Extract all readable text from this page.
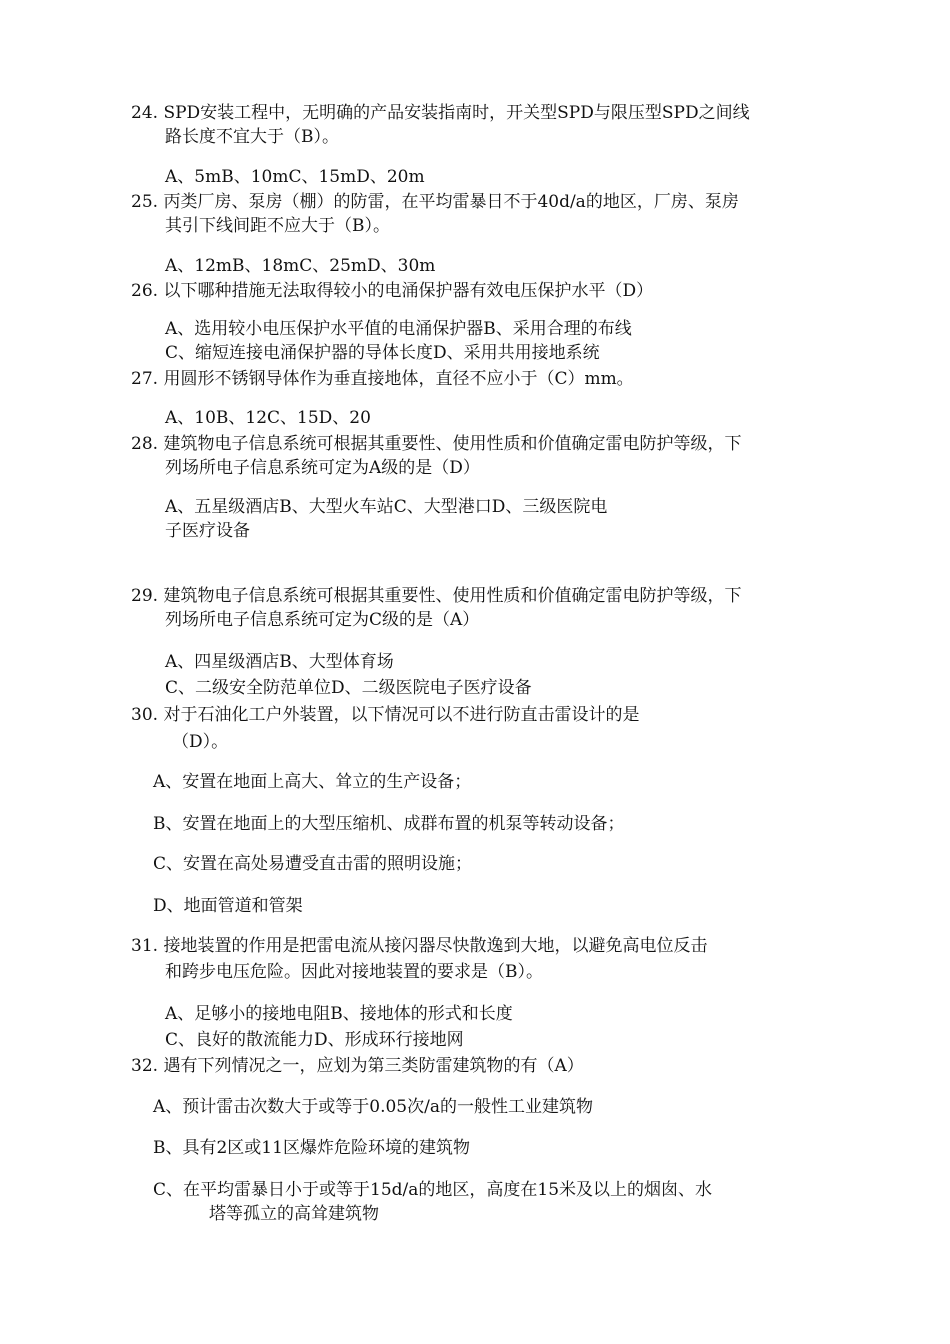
24. SPD安装工程中，无明确的产品安装指南时，开关型SPD与限压型SPD之间线
路长度不宜大于（B）。
A、5mB、10mC、15mD、20m
25. 丙类厂房、泵房（棚）的防雷，在平均雷暴日不于40d/a的地区，厂房、泵房
其引下线间距不应大于（B）。
A、12mB、18mC、25mD、30m
26. 以下哪种措施无法取得较小的电涌保护器有效电压保护水平（D）
A、选用较小电压保护水平值的电涌保护器B、采用合理的布线
C、缩短连接电涌保护器的导体长度D、采用共用接地系统
27. 用圆形不锈钢导体作为垂直接地体，直径不应小于（C）mm。
A、10B、12C、15D、20
28. 建筑物电子信息系统可根据其重要性、使用性质和价值确定雷电防护等级，下
列场所电子信息系统可定为A级的是（D）
A、五星级酒店B、大型火车站C、大型港口D、三级医院电
子医疗设备
29. 建筑物电子信息系统可根据其重要性、使用性质和价值确定雷电防护等级，下
列场所电子信息系统可定为C级的是（A）
A、四星级酒店B、大型体育场
C、二级安全防范单位D、二级医院电子医疗设备
30. 对于石油化工户外装置，以下情况可以不进行防直击雷设计的是
（D）。
A、安置在地面上高大、耸立的生产设备；
B、安置在地面上的大型压缩机、成群布置的机泵等转动设备；
C、安置在高处易遭受直击雷的照明设施；
D、地面管道和管架
31. 接地装置的作用是把雷电流从接闪器尽快散逸到大地，以避免高电位反击
和跨步电压危险。因此对接地装置的要求是（B）。
A、足够小的接地电阻B、接地体的形式和长度
C、良好的散流能力D、形成环行接地网
32. 遇有下列情况之一，应划为第三类防雷建筑物的有（A）
A、预计雷击次数大于或等于0.05次/a的一般性工业建筑物
B、具有2区或11区爆炸危险环境的建筑物
C、在平均雷暴日小于或等于15d/a的地区，高度在15米及以上的烟囱、水
塔等孤立的高耸建筑物
